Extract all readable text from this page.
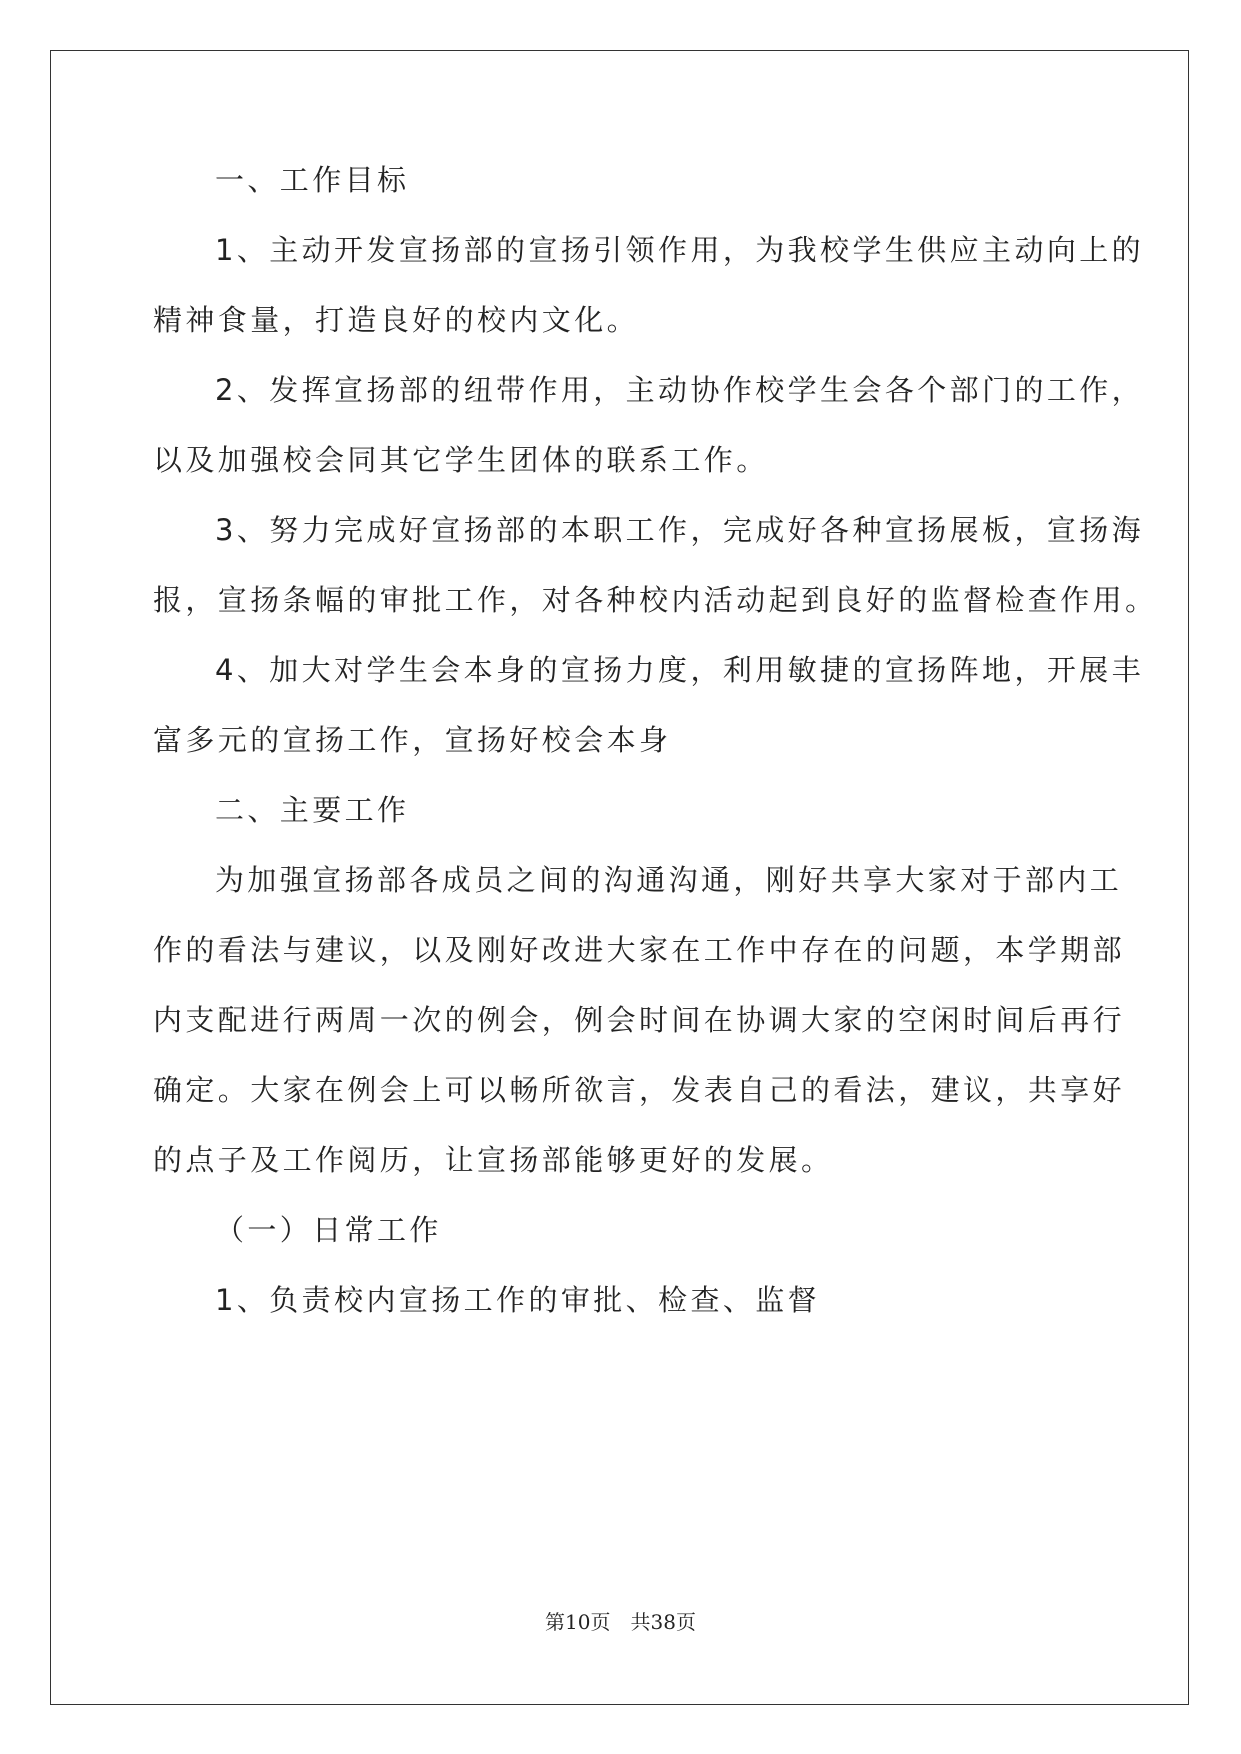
一、工作目标
1、主动开发宣扬部的宣扬引领作用，为我校学生供应主动向上的
精神食量，打造良好的校内文化。
2、发挥宣扬部的纽带作用，主动协作校学生会各个部门的工作，
以及加强校会同其它学生团体的联系工作。
3、努力完成好宣扬部的本职工作，完成好各种宣扬展板，宣扬海
报，宣扬条幅的审批工作，对各种校内活动起到良好的监督检查作用。
4、加大对学生会本身的宣扬力度，利用敏捷的宣扬阵地，开展丰
富多元的宣扬工作，宣扬好校会本身
二、主要工作
为加强宣扬部各成员之间的沟通沟通，刚好共享大家对于部内工
作的看法与建议，以及刚好改进大家在工作中存在的问题，本学期部
内支配进行两周一次的例会，例会时间在协调大家的空闲时间后再行
确定。大家在例会上可以畅所欲言，发表自己的看法，建议，共享好
的点子及工作阅历，让宣扬部能够更好的发展。
（一）日常工作
1、负责校内宣扬工作的审批、检查、监督
第10页　共38页
